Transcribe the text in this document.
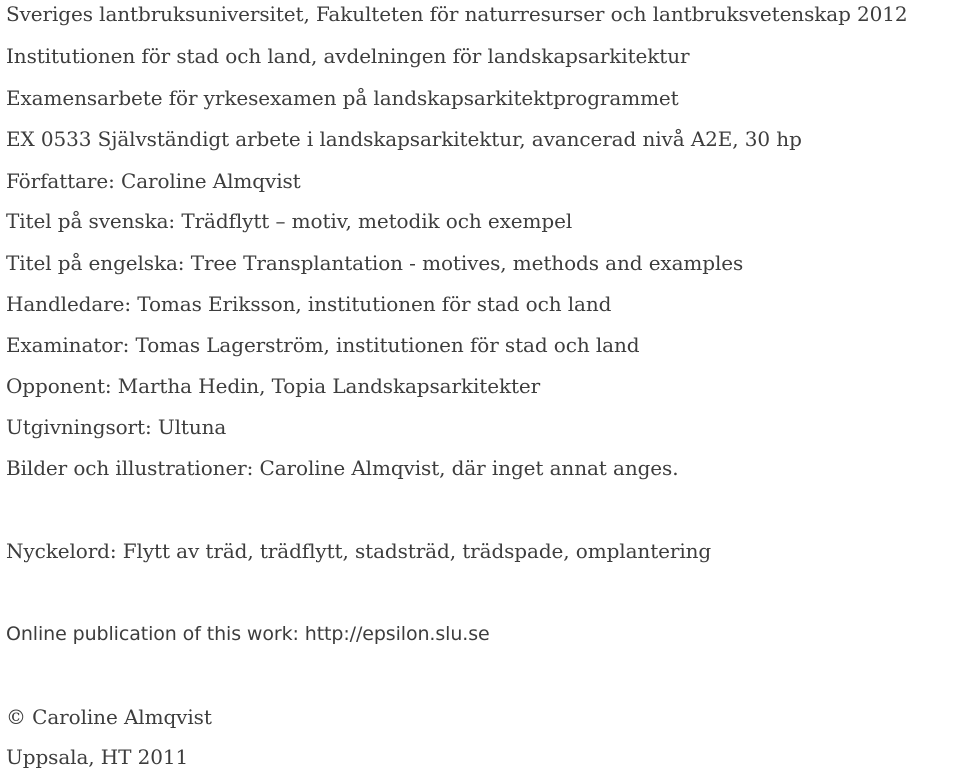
Sveriges lantbruksuniversitet, Fakulteten för naturresurser och lantbruksvetenskap 2012
Institutionen för stad och land, avdelningen för landskapsarkitektur
Examensarbete för yrkesexamen på landskapsarkitektprogrammet
EX 0533 Självständigt arbete i landskapsarkitektur, avancerad nivå A2E, 30 hp
Författare: Caroline Almqvist
Titel på svenska: Trädflytt – motiv, metodik och exempel
Titel på engelska: Tree Transplantation - motives, methods and examples
Handledare: Tomas Eriksson, institutionen för stad och land
Examinator: Tomas Lagerström, institutionen för stad och land
Opponent: Martha Hedin, Topia Landskapsarkitekter
Utgivningsort: Ultuna
Bilder och illustrationer: Caroline Almqvist, där inget annat anges.
Nyckelord: Flytt av träd, trädflytt, stadsträd, trädspade, omplantering
Online publication of this work: http://epsilon.slu.se
© Caroline Almqvist
Uppsala, HT 2011
